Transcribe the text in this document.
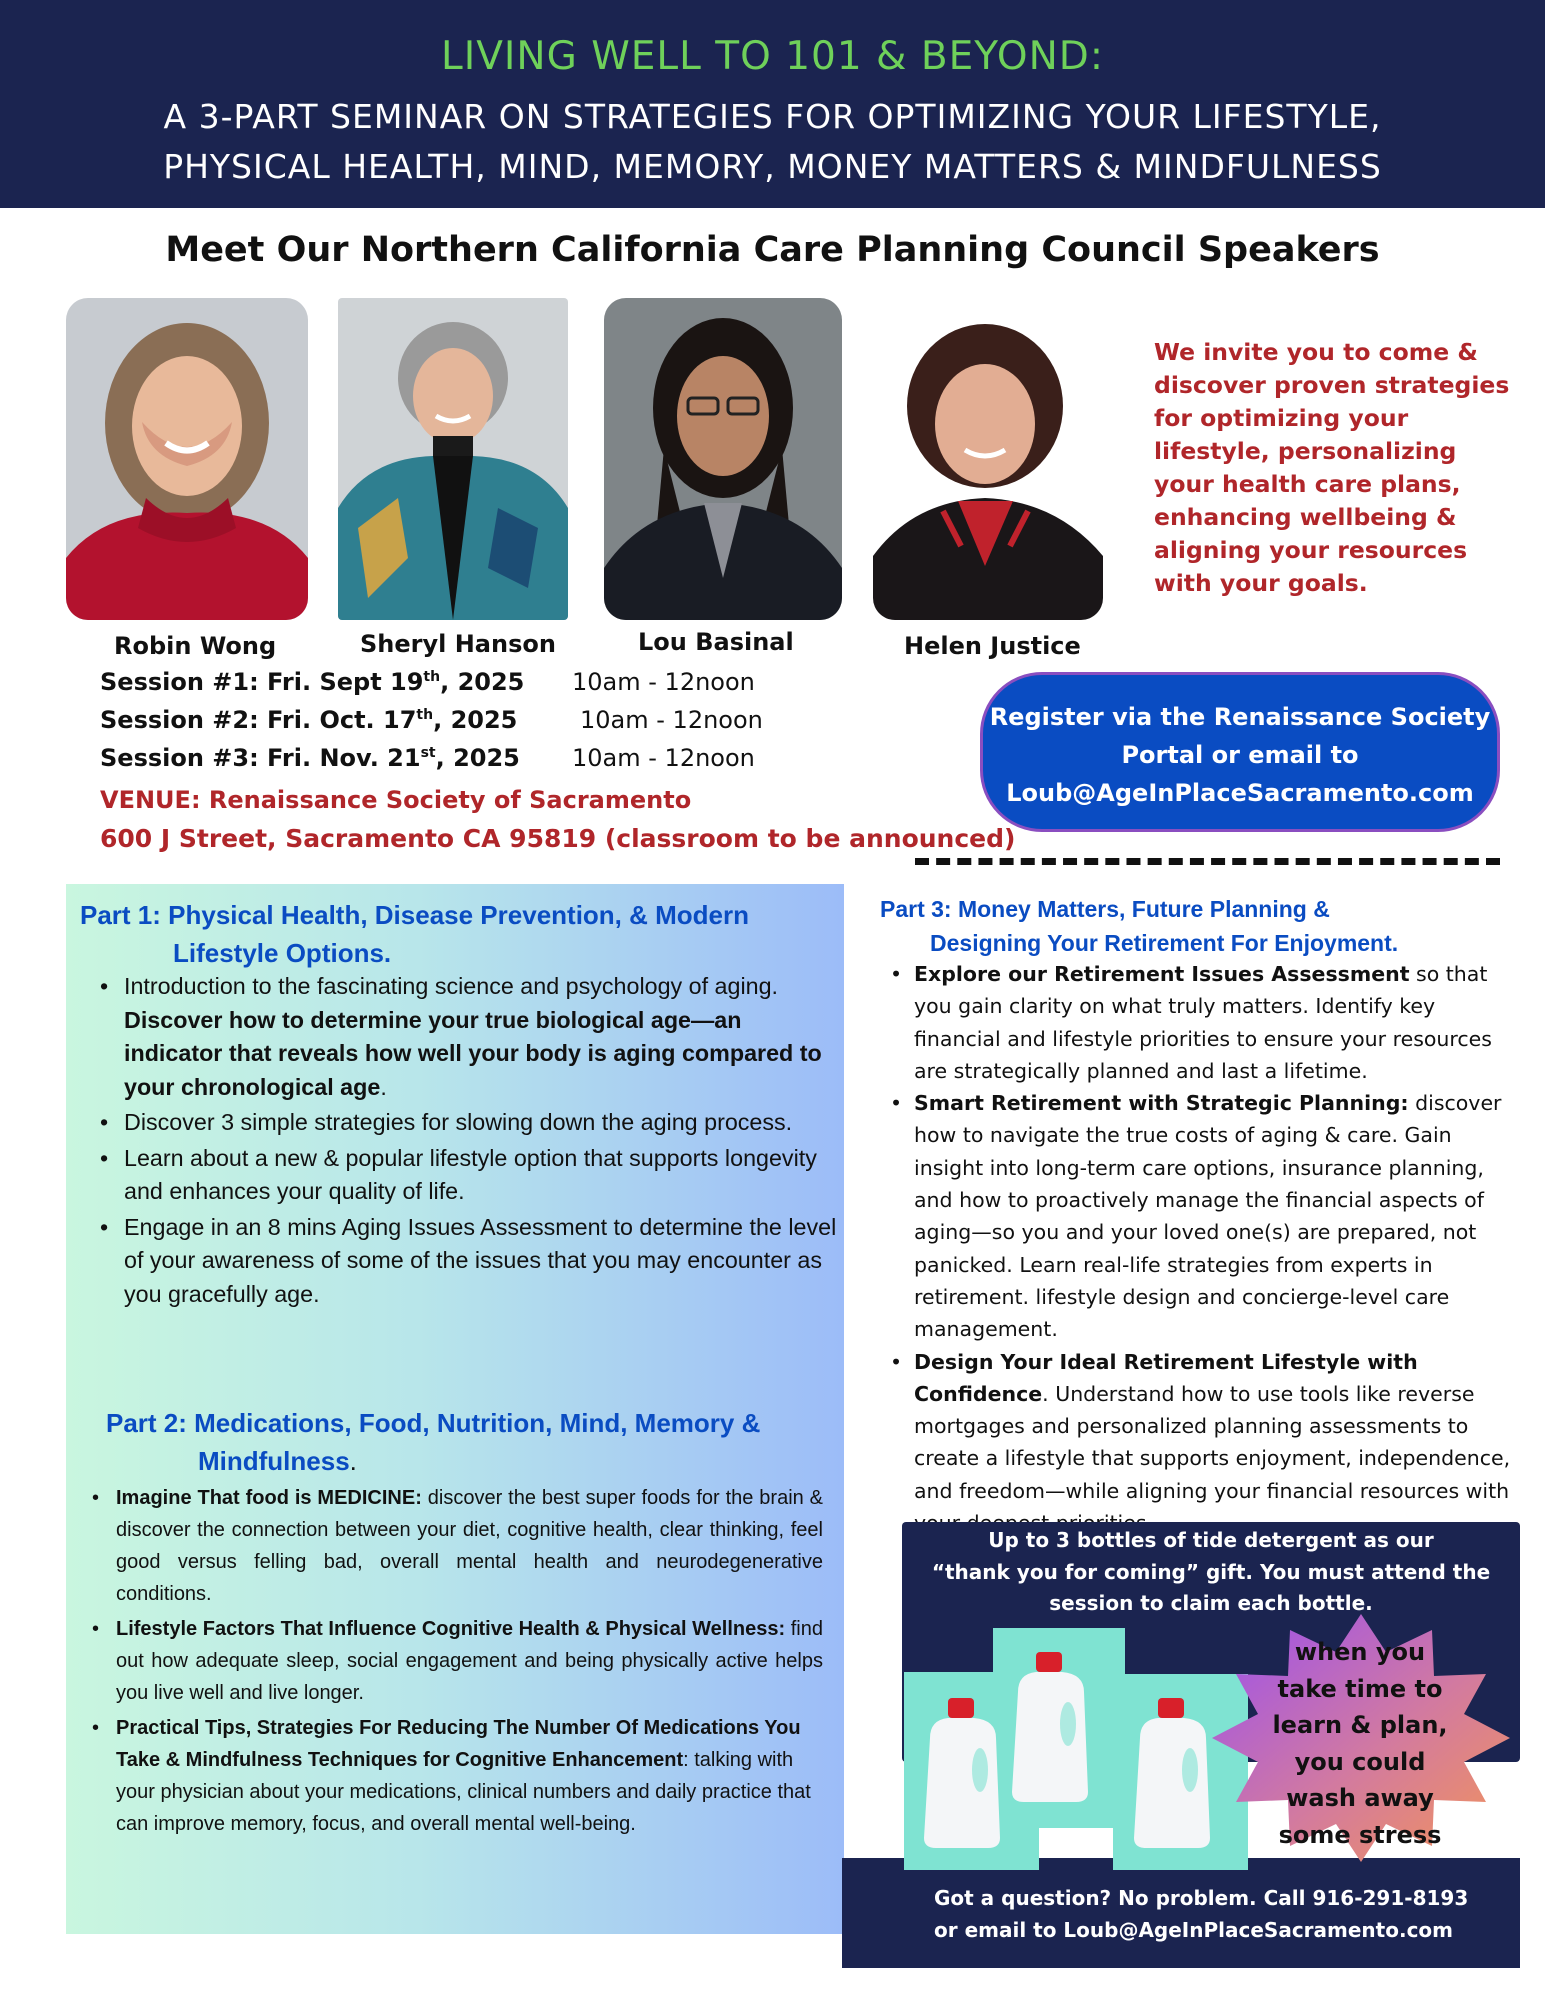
LIVING WELL TO 101 & BEYOND:
A 3-PART SEMINAR ON STRATEGIES FOR OPTIMIZING YOUR LIFESTYLE,
PHYSICAL HEALTH, MIND, MEMORY, MONEY MATTERS & MINDFULNESS
Meet Our Northern California Care Planning Council Speakers
Robin Wong	Sheryl Hanson	Lou Basinal	Helen Justice
We invite you to come & discover proven strategies for optimizing your lifestyle, personalizing your health care plans, enhancing wellbeing & aligning your resources with your goals.
Session #1: Fri. Sept 19th, 2025 10am - 12noon
Session #2: Fri. Oct. 17th, 2025	10am - 12noon
Session #3: Fri. Nov. 21st, 2025 10am - 12noon
VENUE: Renaissance Society of Sacramento
600 J Street, Sacramento CA 95819 (classroom to be announced)
Register via the Renaissance Society
Portal or email to
Loub@AgeInPlaceSacramento.com
Part 1: Physical Health, Disease Prevention, & Modern
Lifestyle Options.
• Introduction to the fascinating science and psychology of aging. Discover how to determine your true biological age—an indicator that reveals how well your body is aging compared to your chronological age.
• Discover 3 simple strategies for slowing down the aging process.
• Learn about a new & popular lifestyle option that supports longevity and enhances your quality of life.
• Engage in an 8 mins Aging Issues Assessment to determine the level of your awareness of some of the issues that you may encounter as you gracefully age.
Part 2: Medications, Food, Nutrition, Mind, Memory &
Mindfulness.
• Imagine That food is MEDICINE: discover the best super foods for the brain & discover the connection between your diet, cognitive health, clear thinking, feel good versus felling bad, overall mental health and neurodegenerative conditions.
• Lifestyle Factors That Influence Cognitive Health & Physical Wellness: find out how adequate sleep, social engagement and being physically active helps you live well and live longer.
• Practical Tips, Strategies For Reducing The Number Of Medications You Take & Mindfulness Techniques for Cognitive Enhancement: talking with your physician about your medications, clinical numbers and daily practice that can improve memory, focus, and overall mental well-being.
Part 3: Money Matters, Future Planning &
Designing Your Retirement For Enjoyment.
• Explore our Retirement Issues Assessment so that you gain clarity on what truly matters. Identify key financial and lifestyle priorities to ensure your resources are strategically planned and last a lifetime.
• Smart Retirement with Strategic Planning: discover how to navigate the true costs of aging & care. Gain insight into long-term care options, insurance planning, and how to proactively manage the financial aspects of aging—so you and your loved one(s) are prepared, not panicked. Learn real-life strategies from experts in retirement. lifestyle design and concierge-level care management.
• Design Your Ideal Retirement Lifestyle with Confidence. Understand how to use tools like reverse mortgages and personalized planning assessments to create a lifestyle that supports enjoyment, independence, and freedom—while aligning your financial resources with
Up to 3 bottles of tide detergent as our
“thank you for coming” gift. You must attend the
session to claim each bottle.
when you
take time to
learn & plan,
you could
wash away
some stress
Got a question? No problem. Call 916-291-8193
or email to Loub@AgeInPlaceSacramento.com
